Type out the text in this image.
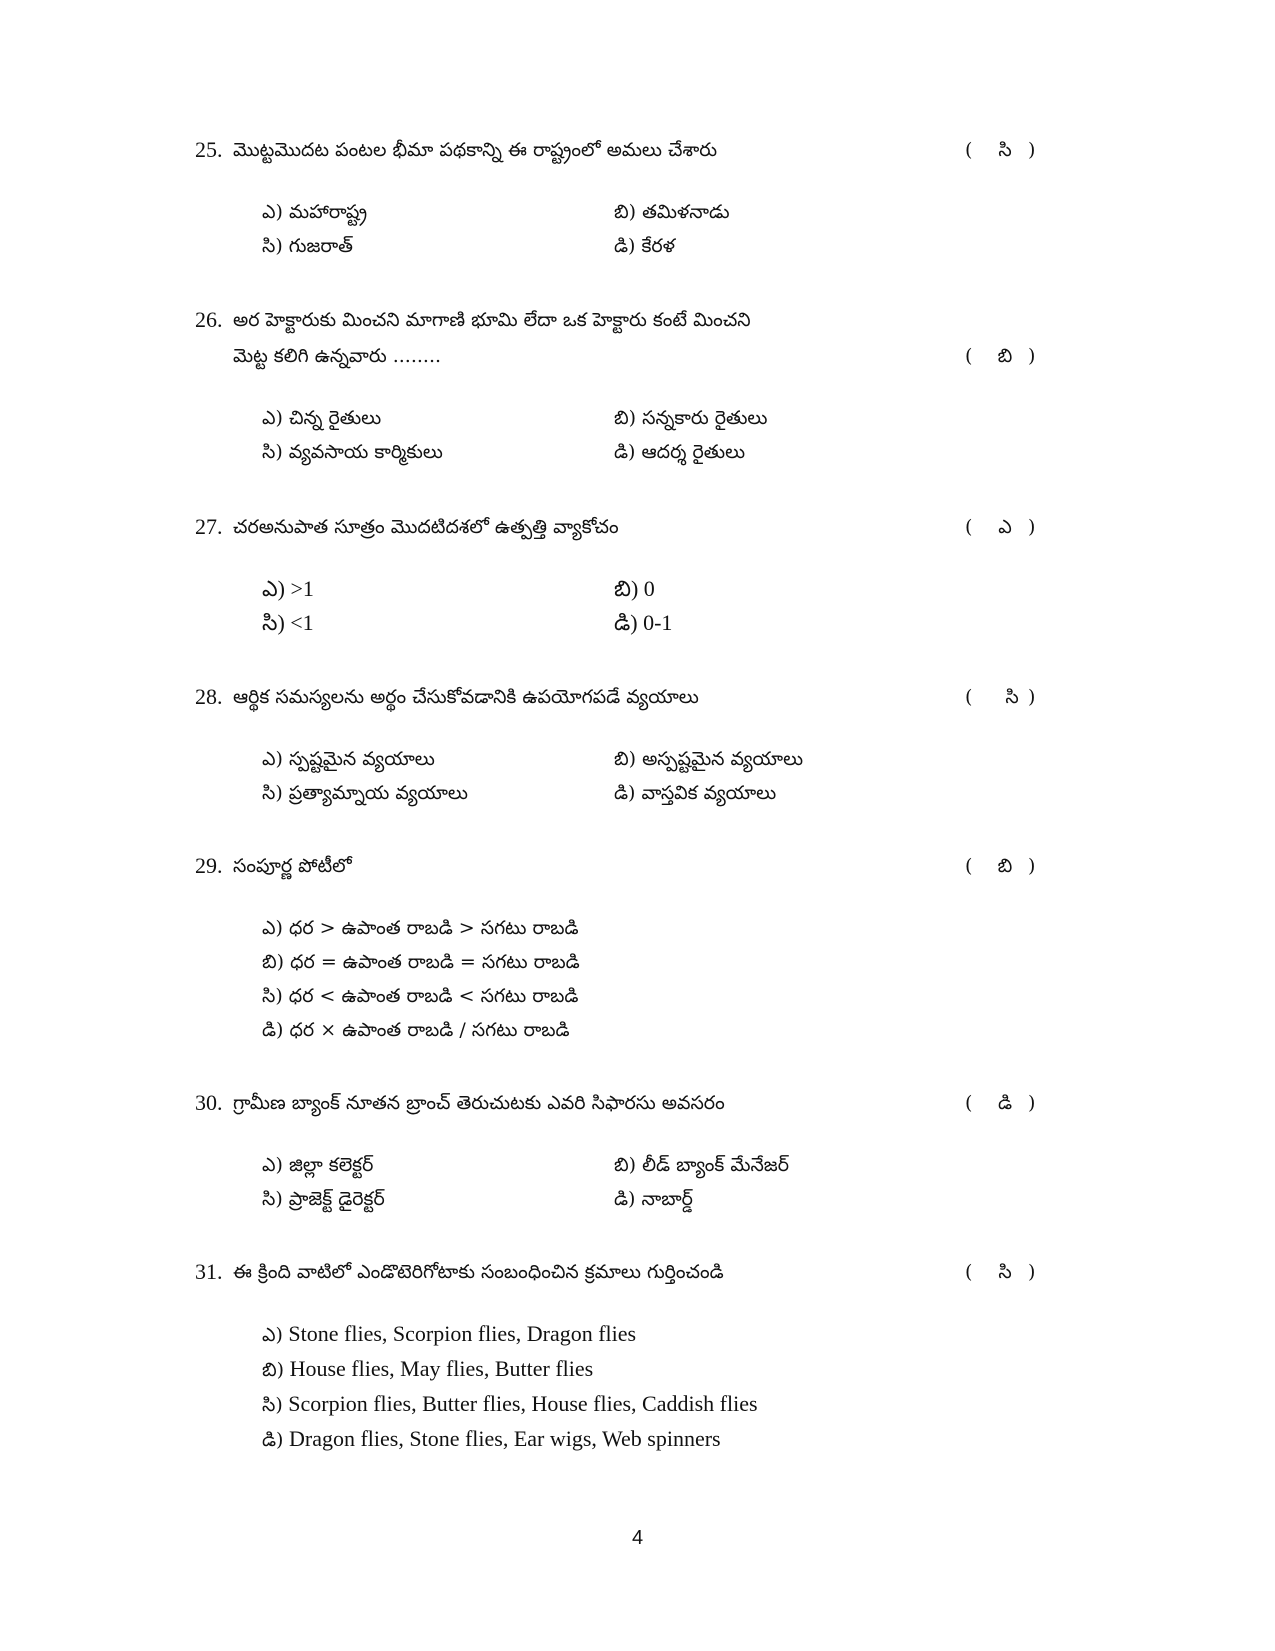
25. మొట్టమొదట పంటల భీమా పథకాన్ని ఈ రాష్ట్రంలో అమలు చేశారు	(	సి )
ఎ) మహారాష్ట్ర	బి) తమిళనాడు
సి) గుజరాత్	డి) కేరళ
26. అర హెక్టారుకు మించని మాగాణి భూమి లేదా ఒక హెక్టారు కంటే మించని
మెట్ట కలిగి ఉన్నవారు ........	(	బి )
ఎ) చిన్న రైతులు	బి) సన్నకారు రైతులు
సి) వ్యవసాయ కార్మికులు	డి) ఆదర్శ రైతులు
27. చరఅనుపాత సూత్రం మొదటిదశలో ఉత్పత్తి వ్యాకోచం	(	ఎ )
ఎ) >1	బి) 0
సి) <1	డి) 0-1
28. ఆర్థిక సమస్యలను అర్థం చేసుకోవడానికి ఉపయోగపడే వ్యయాలు	(	సి )
ఎ) స్పష్టమైన వ్యయాలు	బి) అస్పష్టమైన వ్యయాలు
సి) ప్రత్యామ్నాయ వ్యయాలు	డి) వాస్తవిక వ్యయాలు
29. సంపూర్ణ పోటీలో	(	బి )
ఎ) ధర > ఉపాంత రాబడి > సగటు రాబడి
బి) ధర = ఉపాంత రాబడి = సగటు రాబడి
సి) ధర < ఉపాంత రాబడి < సగటు రాబడి
డి) ధర × ఉపాంత రాబడి / సగటు రాబడి
30. గ్రామీణ బ్యాంక్ నూతన బ్రాంచ్ తెరుచుటకు ఎవరి సిఫారసు అవసరం	(	డి )
ఎ) జిల్లా కలెక్టర్	బి) లీడ్ బ్యాంక్ మేనేజర్
సి) ప్రాజెక్ట్ డైరెక్టర్	డి) నాబార్డ్
31. ఈ క్రింది వాటిలో ఎండొటెరిగోటాకు సంబంధించిన క్రమాలు గుర్తించండి	(	సి )
ఎ) Stone flies, Scorpion flies, Dragon flies
బి) House flies, May flies, Butter flies
సి) Scorpion flies, Butter flies, House flies, Caddish flies
డి) Dragon flies, Stone flies, Ear wigs, Web spinners
4
